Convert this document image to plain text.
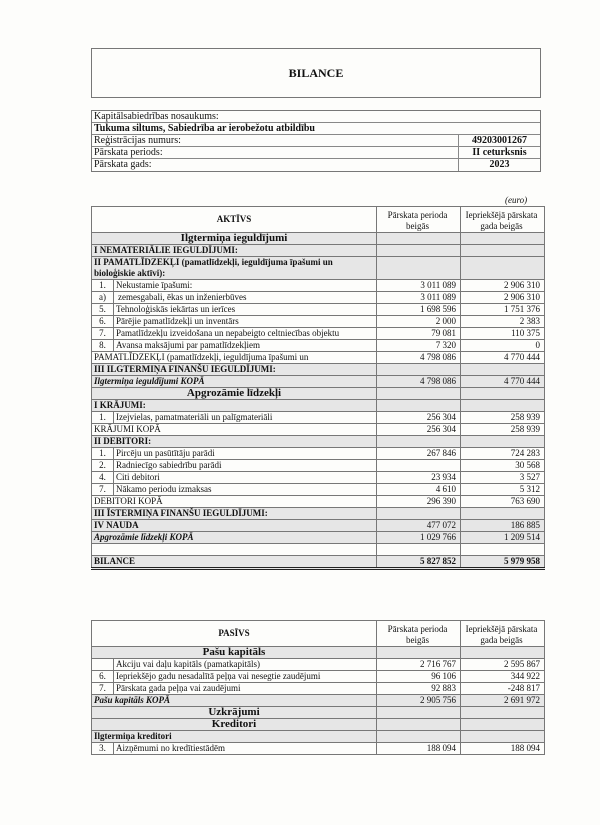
BILANCE
Kapitālsabiedrības nosaukums:
Tukuma siltums, Sabiedrība ar ierobežotu atbildību
Reģistrācijas numurs:	49203001267
Pārskata periods:	II ceturksnis
Pārskata gads:	2023
(euro)
AKTĪVS		Pārskata perioda beigās	Iepriekšējā pārskata gada beigās
Ilgtermiņa ieguldījumi			
I NEMATERIĀLIE IEGULDĪJUMI:			
II PAMATLĪDZEKĻI (pamatlīdzekļi, ieguldījuma īpašumi un bioloģiskie aktīvi):			
1.	Nekustamie īpašumi:	3 011 089	2 906 310
a)	zemesgabali, ēkas un inženierbūves	3 011 089	2 906 310
5.	Tehnoloģiskās iekārtas un ierīces	1 698 596	1 751 376
6.	Pārējie pamatlīdzekļi un inventārs	2 000	2 383
7.	Pamatlīdzekļu izveidošana un nepabeigto celtniecības objektu	79 081	110 375
8.	Avansa maksājumi par pamatlīdzekļiem	7 320	0
PAMATLĪDZEKĻI (pamatlīdzekļi, ieguldījuma īpašumi un		4 798 086	4 770 444
III ILGTERMIŅA FINANŠU IEGULDĪJUMI:			
Ilgtermiņa ieguldījumi KOPĀ		4 798 086	4 770 444
Apgrozāmie līdzekļi			
I KRĀJUMI:			
1.	Izejvielas, pamatmateriāli un palīgmateriāli	256 304	258 939
KRĀJUMI KOPĀ		256 304	258 939
II DEBITORI:			
1.	Pircēju un pasūtītāju parādi	267 846	724 283
2.	Radniecīgo sabiedrību parādi		30 568
4.	Citi debitori	23 934	3 527
7.	Nākamo periodu izmaksas	4 610	5 312
DEBITORI KOPĀ		296 390	763 690
III ĪSTERMIŅA FINANŠU IEGULDĪJUMI:			
IV NAUDA		477 072	186 885
Apgrozāmie līdzekļi KOPĀ		1 029 766	1 209 514

BILANCE		5 827 852	5 979 958
PASĪVS		Pārskata perioda beigās	Iepriekšējā pārskata gada beigās
Pašu kapitāls			
	Akciju vai daļu kapitāls (pamatkapitāls)	2 716 767	2 595 867
6.	Iepriekšējo gadu nesadalītā peļņa vai nesegtie zaudējumi	96 106	344 922
7.	Pārskata gada peļņa vai zaudējumi	92 883	-248 817
Pašu kapitāls KOPĀ		2 905 756	2 691 972
Uzkrājumi			
Kreditori			
Ilgtermiņa kreditori			
3.	Aizņēmumi no kredītiestādēm	188 094	188 094
